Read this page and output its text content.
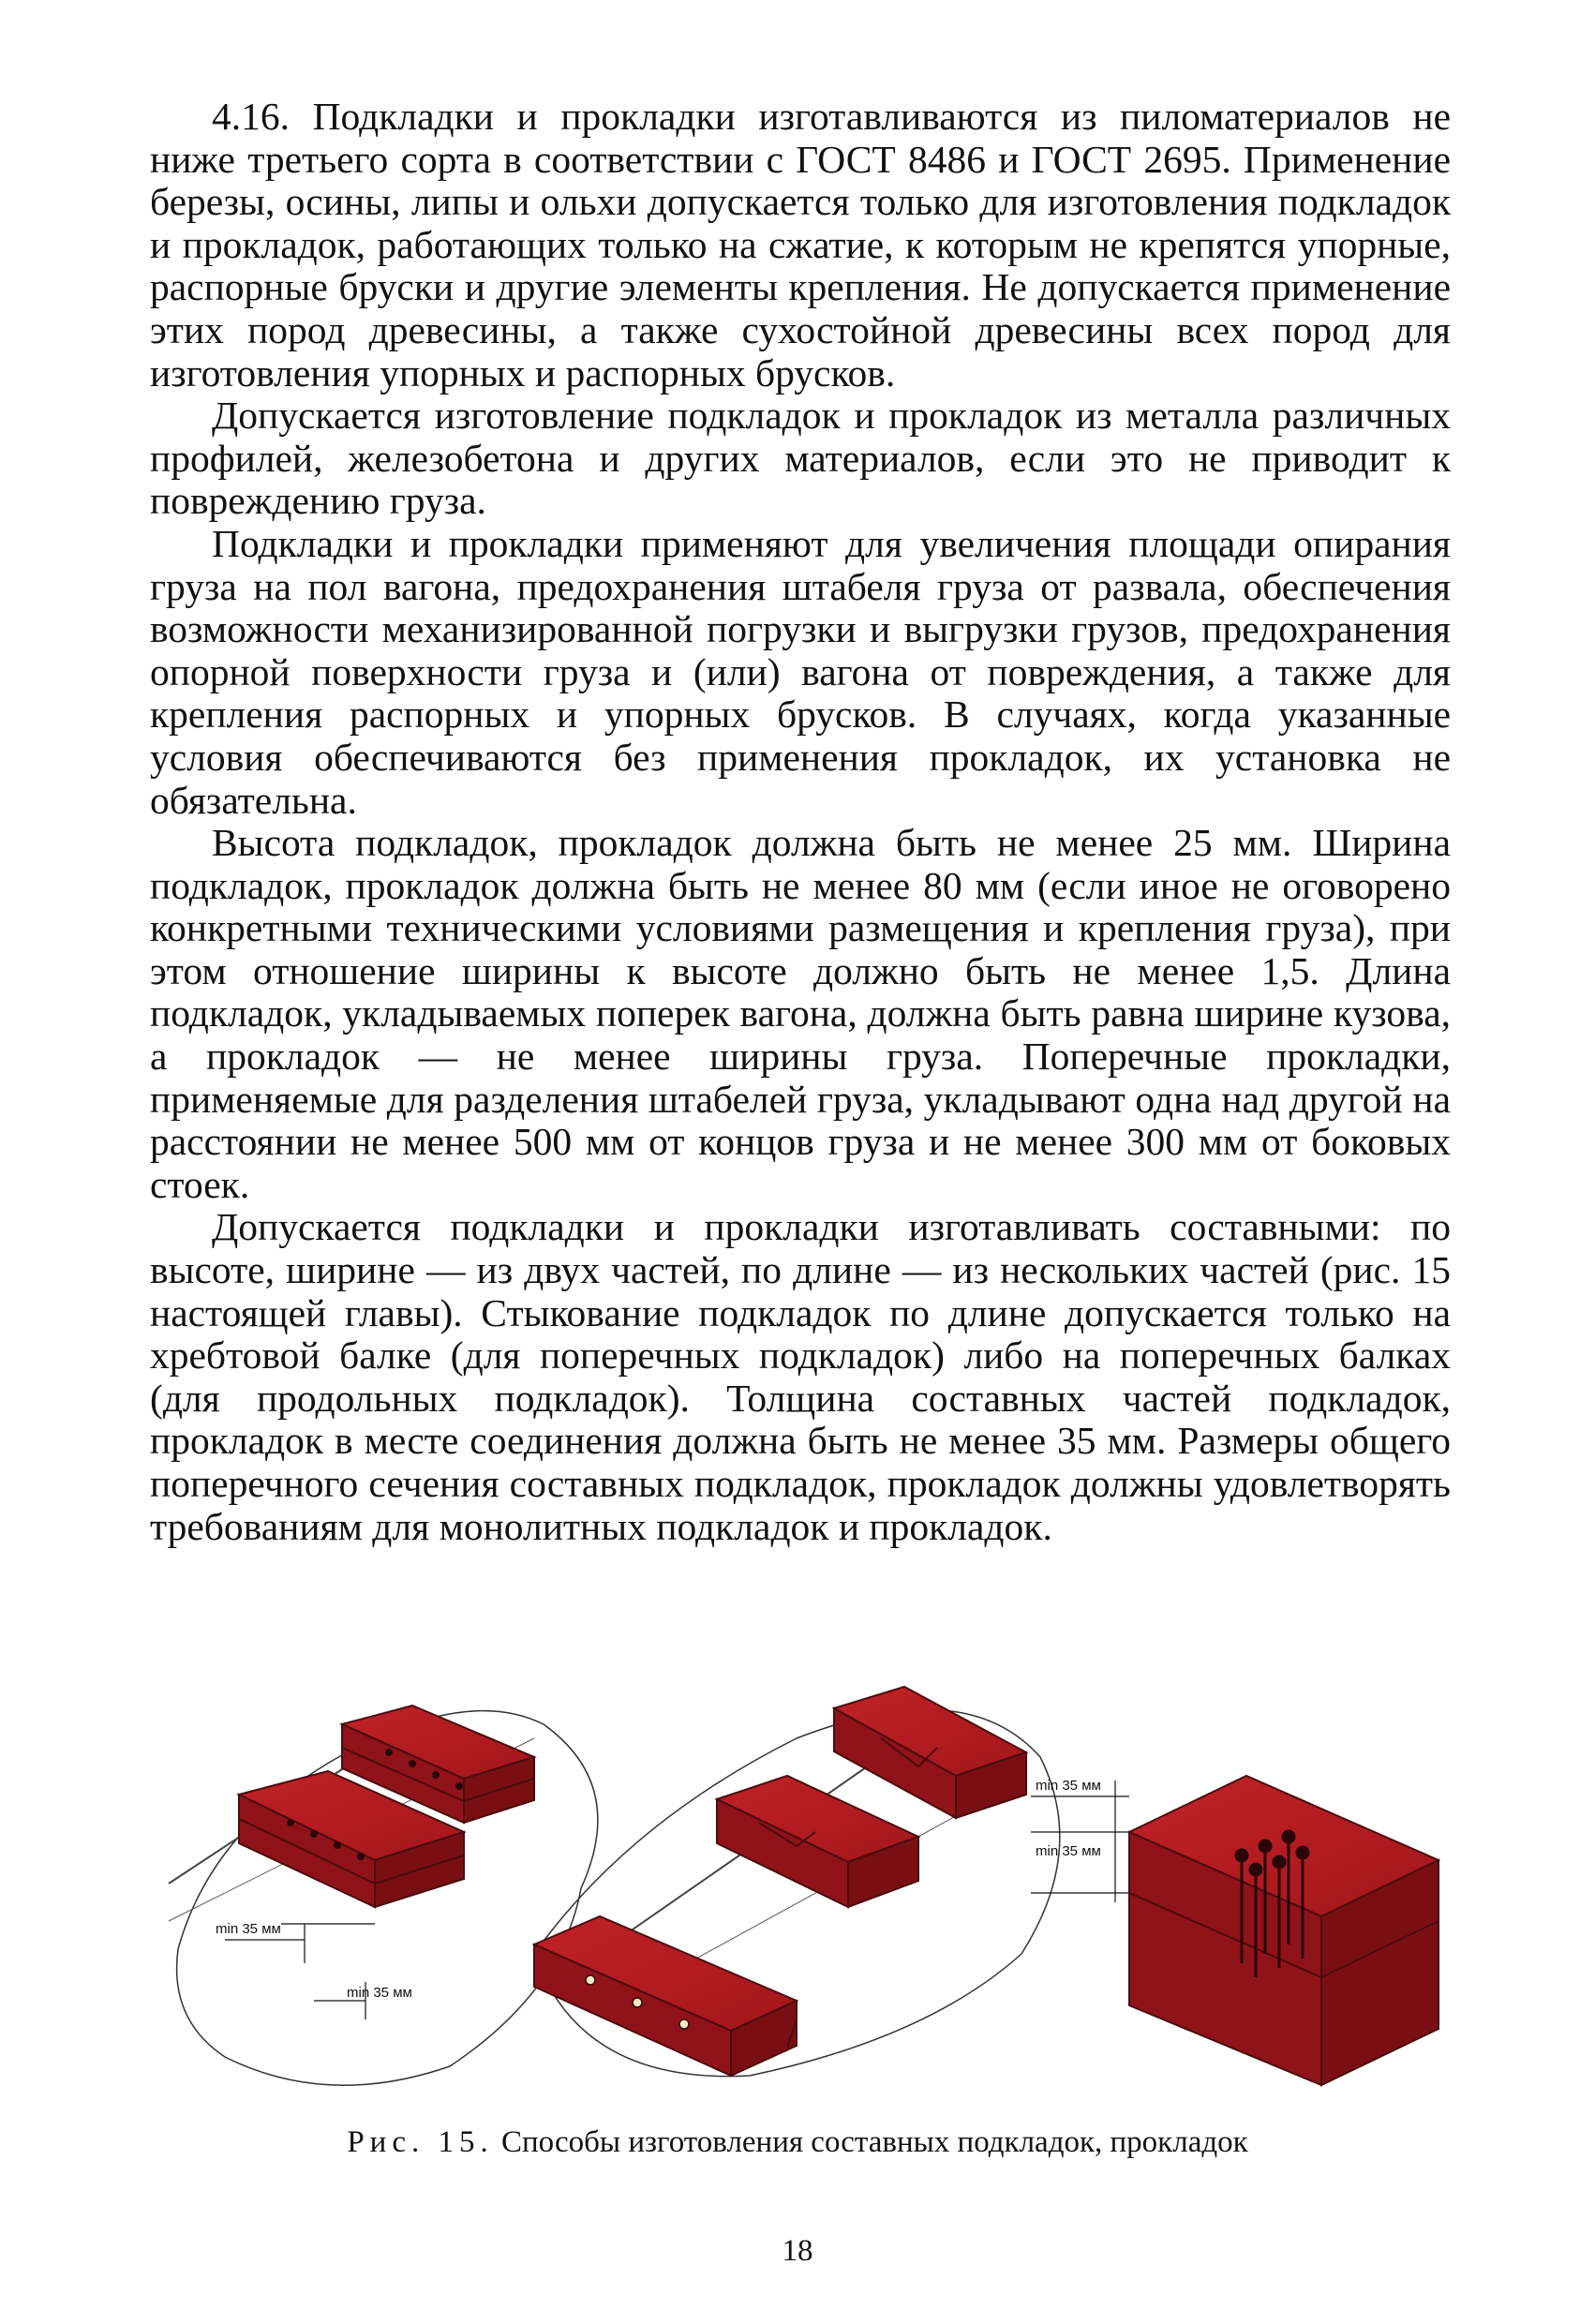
4.16. Подкладки и прокладки изготавливаются из пиломатериалов не ниже третьего сорта в соответствии с ГОСТ 8486 и ГОСТ 2695. Применение березы, осины, липы и ольхи допускается только для изготовления подкладок и прокладок, работающих только на сжатие, к которым не крепятся упорные, распорные бруски и другие элементы крепления. Не допускается применение этих пород древесины, а также сухостойной древесины всех пород для изготовления упорных и распорных брусков.

Допускается изготовление подкладок и прокладок из металла различных профилей, железобетона и других материалов, если это не приводит к повреждению груза.

Подкладки и прокладки применяют для увеличения площади опирания груза на пол вагона, предохранения штабеля груза от развала, обеспечения возможности механизированной погрузки и выгрузки грузов, предохранения опорной поверхности груза и (или) вагона от повреждения, а также для крепления распорных и упорных брусков. В случаях, когда указанные условия обеспечиваются без применения прокладок, их установка не обязательна.

Высота подкладок, прокладок должна быть не менее 25 мм. Ширина подкладок, прокладок должна быть не менее 80 мм (если иное не оговорено конкретными техническими условиями размещения и крепления груза), при этом отношение ширины к высоте должно быть не менее 1,5. Длина подкладок, укладываемых поперек вагона, должна быть равна ширине кузова, а прокладок — не менее ширины груза. Поперечные прокладки, применяемые для разделения штабелей груза, укладывают одна над другой на расстоянии не менее 500 мм от концов груза и не менее 300 мм от боковых стоек.

Допускается подкладки и прокладки изготавливать составными: по высоте, ширине — из двух частей, по длине — из нескольких частей (рис. 15 настоящей главы). Стыкование подкладок по длине допускается только на хребтовой балке (для поперечных подкладок) либо на поперечных балках (для продольных подкладок). Толщина составных частей подкладок, прокладок в месте соединения должна быть не менее 35 мм. Размеры общего поперечного сечения составных подкладок, прокладок должны удовлетворять требованиям для монолитных подкладок и прокладок.

min 35 мм
min 35 мм
min 35 мм
min 35 мм
Рис. 15. Способы изготовления составных подкладок, прокладок
18
